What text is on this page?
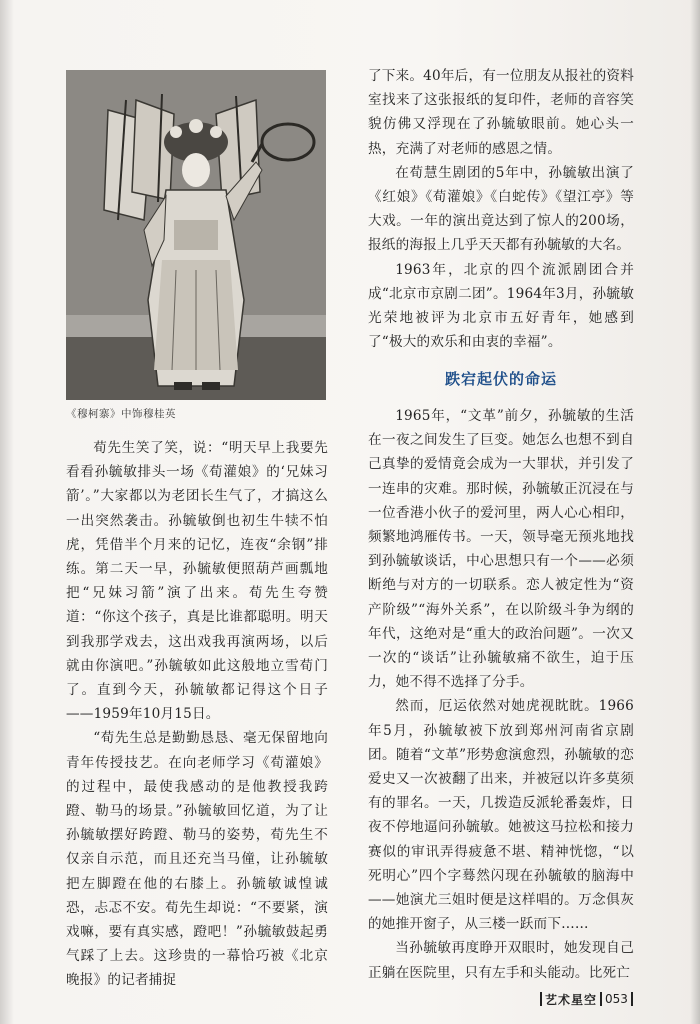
《穆柯寨》中饰穆桂英

荀先生笑了笑，说：“明天早上我要先看看孙毓敏排头一场《荀灌娘》的‘兄妹习箭’。”大家都以为老团长生气了，才搞这么一出突然袭击。孙毓敏倒也初生牛犊不怕虎，凭借半个月来的记忆，连夜“余钢”排练。第二天一早，孙毓敏便照葫芦画瓢地把“兄妹习箭”演了出来。荀先生夸赞道：“你这个孩子，真是比谁都聪明。明天到我那学戏去，这出戏我再演两场，以后就由你演吧。”孙毓敏如此这般地立雪荀门了。直到今天，孙毓敏都记得这个日子——1959年10月15日。

“荀先生总是勤勤恳恳、毫无保留地向青年传授技艺。在向老师学习《荀灌娘》的过程中，最使我感动的是他教授我跨蹬、勒马的场景。”孙毓敏回忆道，为了让孙毓敏摆好跨蹬、勒马的姿势，荀先生不仅亲自示范，而且还充当马僮，让孙毓敏把左脚蹬在他的右膝上。孙毓敏诚惶诚恐，忐忑不安。荀先生却说：“不要紧，演戏嘛，要有真实感，蹬吧！”孙毓敏鼓起勇气踩了上去。这珍贵的一幕恰巧被《北京晚报》的记者捕捉

了下来。40年后，有一位朋友从报社的资料室找来了这张报纸的复印件，老师的音容笑貌仿佛又浮现在了孙毓敏眼前。她心头一热，充满了对老师的感恩之情。

在荀慧生剧团的5年中，孙毓敏出演了《红娘》《荀灌娘》《白蛇传》《望江亭》等大戏。一年的演出竟达到了惊人的200场，报纸的海报上几乎天天都有孙毓敏的大名。

1963年，北京的四个流派剧团合并成“北京市京剧二团”。1964年3月，孙毓敏光荣地被评为北京市五好青年，她感到了“极大的欢乐和由衷的幸福”。

跌宕起伏的命运

1965年，“文革”前夕，孙毓敏的生活在一夜之间发生了巨变。她怎么也想不到自己真挚的爱情竟会成为一大罪状，并引发了一连串的灾难。那时候，孙毓敏正沉浸在与一位香港小伙子的爱河里，两人心心相印，频繁地鸿雁传书。一天，领导毫无预兆地找到孙毓敏谈话，中心思想只有一个——必须断绝与对方的一切联系。恋人被定性为“资产阶级”“海外关系”，在以阶级斗争为纲的年代，这绝对是“重大的政治问题”。一次又一次的“谈话”让孙毓敏痛不欲生，迫于压力，她不得不选择了分手。

然而，厄运依然对她虎视眈眈。1966年5月，孙毓敏被下放到郑州河南省京剧团。随着“文革”形势愈演愈烈，孙毓敏的恋爱史又一次被翻了出来，并被冠以许多莫须有的罪名。一天，几拨造反派轮番轰炸，日夜不停地逼问孙毓敏。她被这马拉松和接力赛似的审讯弄得疲惫不堪、精神恍惚，“以死明心”四个字蓦然闪现在孙毓敏的脑海中——她演尤三姐时便是这样唱的。万念俱灰的她推开窗子，从三楼一跃而下……

当孙毓敏再度睁开双眼时，她发现自己正躺在医院里，只有左手和头能动。比死亡

艺术星空 053
